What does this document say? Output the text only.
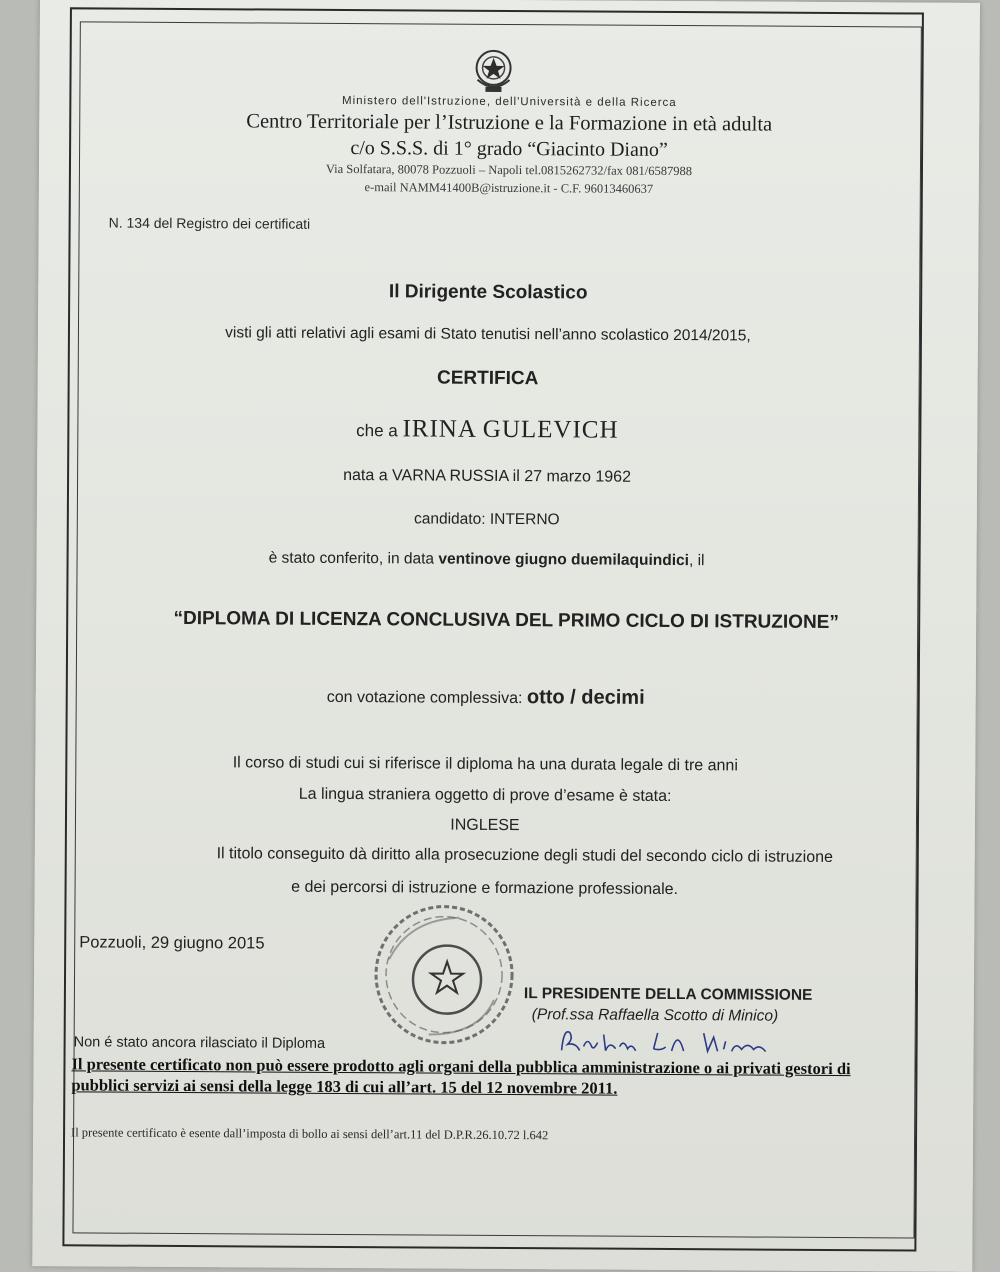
Ministero dell'Istruzione, dell'Università e della Ricerca
Centro Territoriale per l’Istruzione e la Formazione in età adulta
c/o S.S.S. di 1° grado “Giacinto Diano”
Via Solfatara, 80078 Pozzuoli – Napoli tel.0815262732/fax 081/6587988
e-mail NAMM41400B@istruzione.it - C.F. 96013460637
N. 134 del Registro dei certificati
Il Dirigente Scolastico
visti gli atti relativi agli esami di Stato tenutisi nell’anno scolastico 2014/2015,
CERTIFICA
che a IRINA GULEVICH
nata a VARNA RUSSIA il 27 marzo 1962
candidato: INTERNO
è stato conferito, in data ventinove giugno duemilaquindici, il
“DIPLOMA DI LICENZA CONCLUSIVA DEL PRIMO CICLO DI ISTRUZIONE”
con votazione complessiva: otto / decimi
Il corso di studi cui si riferisce il diploma ha una durata legale di tre anni
La lingua straniera oggetto di prove d’esame è stata:
INGLESE
Il titolo conseguito dà diritto alla prosecuzione degli studi del secondo ciclo di istruzione
e dei percorsi di istruzione e formazione professionale.
Pozzuoli, 29 giugno 2015
IL PRESIDENTE DELLA COMMISSIONE
(Prof.ssa Raffaella Scotto di Minico)
Non é stato ancora rilasciato il Diploma
Il presente certificato non può essere prodotto agli organi della pubblica amministrazione o ai privati gestori di pubblici servizi ai sensi della legge 183 di cui all’art. 15 del 12 novembre 2011.
Il presente certificato è esente dall’imposta di bollo ai sensi dell’art.11 del D.P.R.26.10.72 l.642
